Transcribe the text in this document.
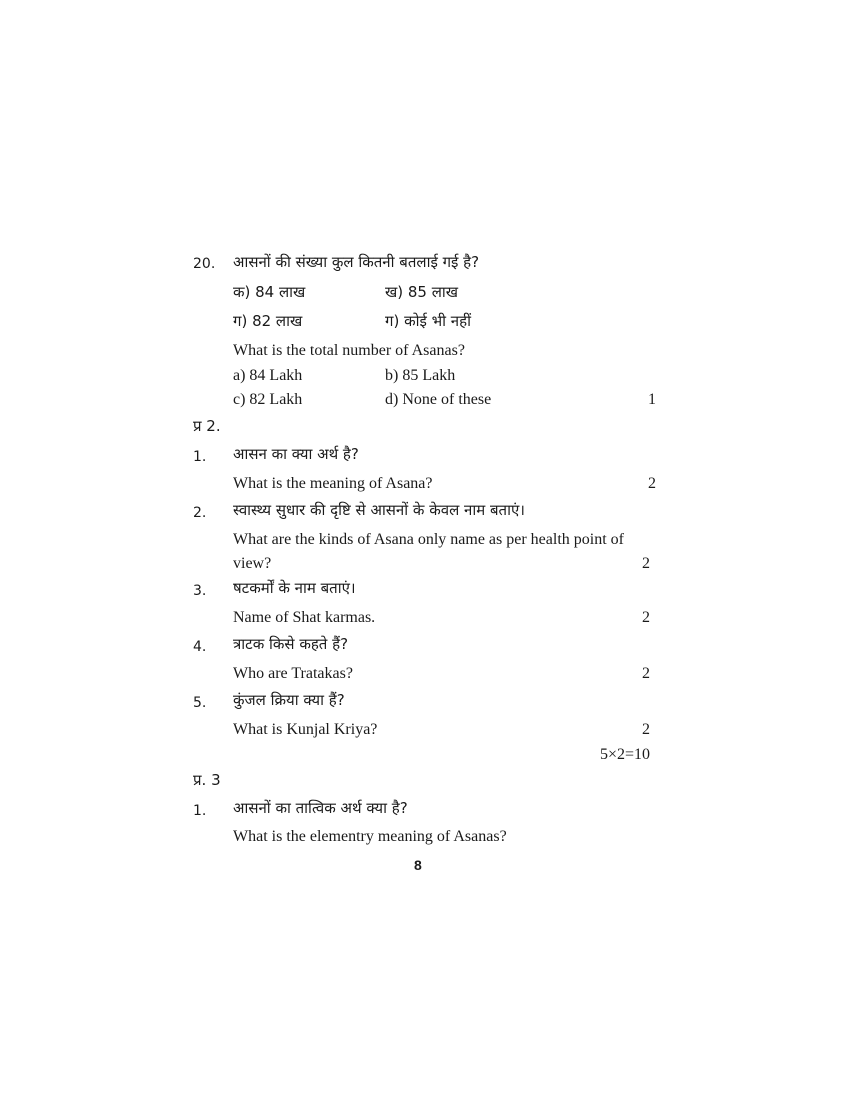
20. आसनों की संख्या कुल कितनी बतलाई गई है?
क) 84 लाख	ख) 85 लाख
ग) 82 लाख	ग) कोई भी नहीं
What is the total number of Asanas?
a) 84 Lakh	b) 85 Lakh
c) 82 Lakh	d) None of these	1
प्र 2.
1. आसन का क्या अर्थ है?
What is the meaning of Asana?	2
2. स्वास्थ्य सुधार की दृष्टि से आसनों के केवल नाम बताएं।
What are the kinds of Asana only name as per health point of
view?	2
3. षटकर्मों के नाम बताएं।
Name of Shat karmas.	2
4. त्राटक किसे कहते हैं?
Who are Tratakas?	2
5. कुंजल क्रिया क्या हैं?
What is Kunjal Kriya?	2
5×2=10
प्र. 3
1. आसनों का तात्विक अर्थ क्या है?
What is the elementry meaning of Asanas?
8
